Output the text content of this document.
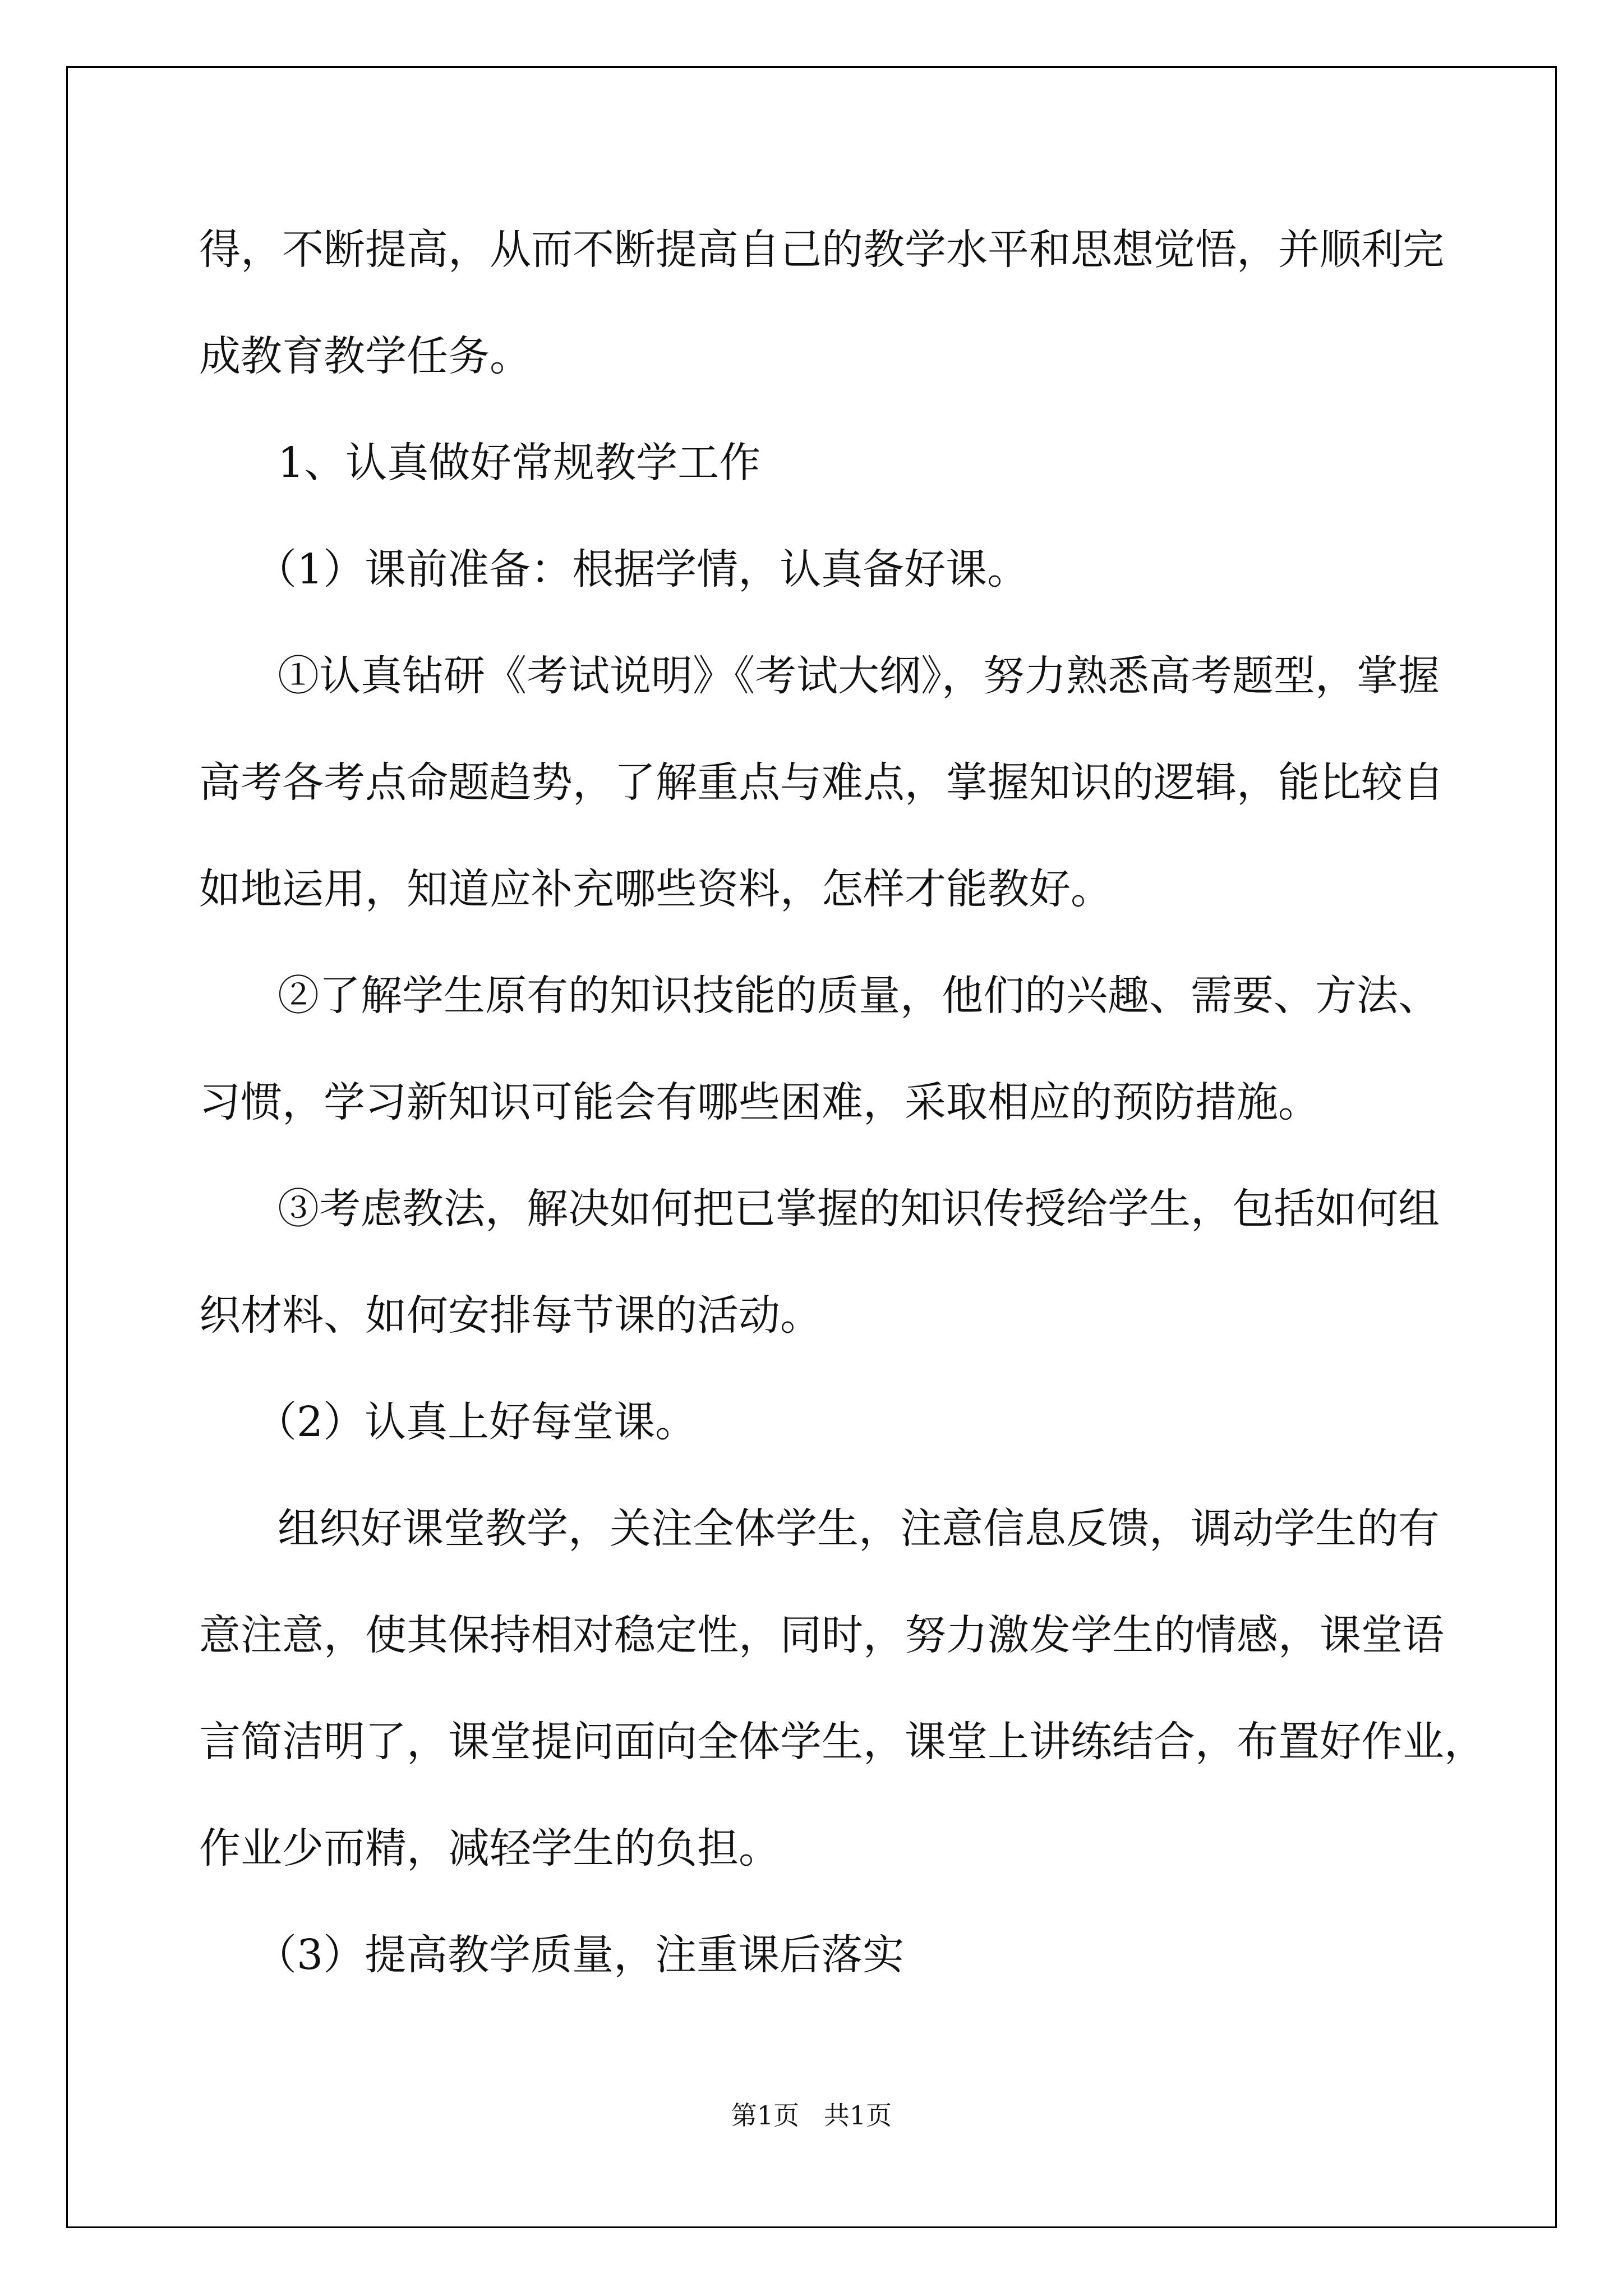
得，不断提高，从而不断提高自己的教学水平和思想觉悟，并顺利完
成教育教学任务。
1、认真做好常规教学工作
（1）课前准备：根据学情，认真备好课。
①认真钻研《考试说明》《考试大纲》，努力熟悉高考题型，掌握
高考各考点命题趋势，了解重点与难点，掌握知识的逻辑，能比较自
如地运用，知道应补充哪些资料，怎样才能教好。
②了解学生原有的知识技能的质量，他们的兴趣、需要、方法、
习惯，学习新知识可能会有哪些困难，采取相应的预防措施。
③考虑教法，解决如何把已掌握的知识传授给学生，包括如何组
织材料、如何安排每节课的活动。
（2）认真上好每堂课。
组织好课堂教学，关注全体学生，注意信息反馈，调动学生的有
意注意，使其保持相对稳定性，同时，努力激发学生的情感，课堂语
言简洁明了，课堂提问面向全体学生，课堂上讲练结合，布置好作业，
作业少而精，减轻学生的负担。
（3）提高教学质量，注重课后落实
第1页   共1页
